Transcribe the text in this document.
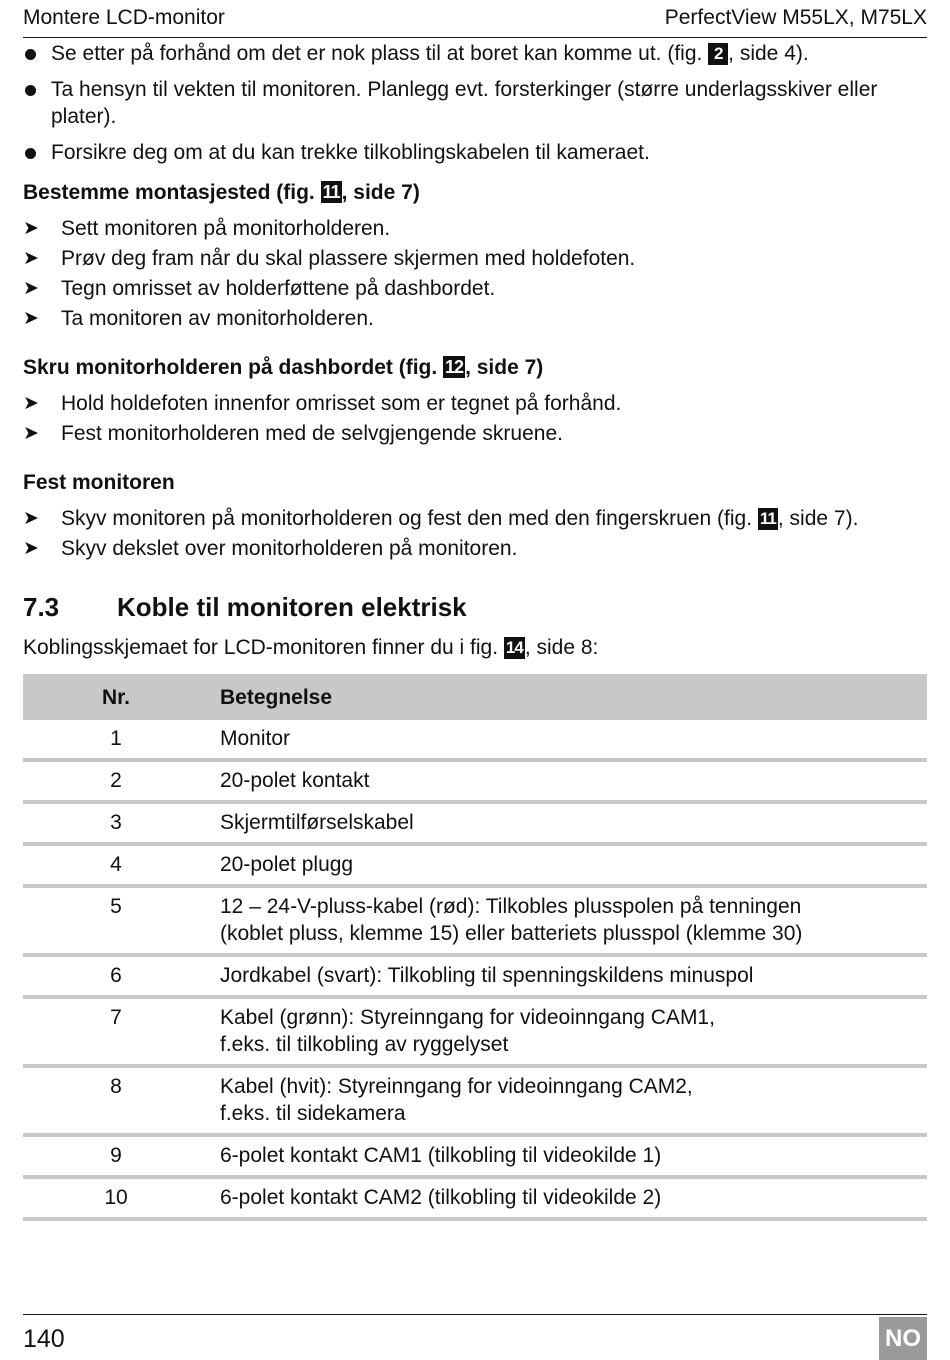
Montere LCD-monitor	PerfectView M55LX, M75LX
Se etter på forhånd om det er nok plass til at boret kan komme ut. (fig. 2 , side 4).
Ta hensyn til vekten til monitoren. Planlegg evt. forsterkinger (større underlagsskiver eller plater).
Forsikre deg om at du kan trekke tilkoblingskabelen til kameraet.
Bestemme montasjested (fig. 11, side 7)
➤ Sett monitoren på monitorholderen.
➤ Prøv deg fram når du skal plassere skjermen med holdefoten.
➤ Tegn omrisset av holderføttene på dashbordet.
➤ Ta monitoren av monitorholderen.
Skru monitorholderen på dashbordet (fig. 12, side 7)
➤ Hold holdefoten innenfor omrisset som er tegnet på forhånd.
➤ Fest monitorholderen med de selvgjengende skruene.
Fest monitoren
➤ Skyv monitoren på monitorholderen og fest den med den fingerskruen (fig. 11, side 7).
➤ Skyv dekslet over monitorholderen på monitoren.
7.3 Koble til monitoren elektrisk
Koblingsskjemaet for LCD-monitoren finner du i fig. 14, side 8:
Nr.	Betegnelse
1	Monitor

2	20-polet kontakt

3	Skjermtilførselskabel

4	20-polet plugg

5	12 – 24-V-pluss-kabel (rød): Tilkobles plusspolen på tenningen
(koblet pluss, klemme 15) eller batteriets plusspol (klemme 30)

6	Jordkabel (svart): Tilkobling til spenningskildens minuspol

7	Kabel (grønn): Styreinngang for videoinngang CAM1,
f.eks. til tilkobling av ryggelyset

8	Kabel (hvit): Styreinngang for videoinngang CAM2,
f.eks. til sidekamera

9	6-polet kontakt CAM1 (tilkobling til videokilde 1)

10	6-polet kontakt CAM2 (tilkobling til videokilde 2)
140	NO
